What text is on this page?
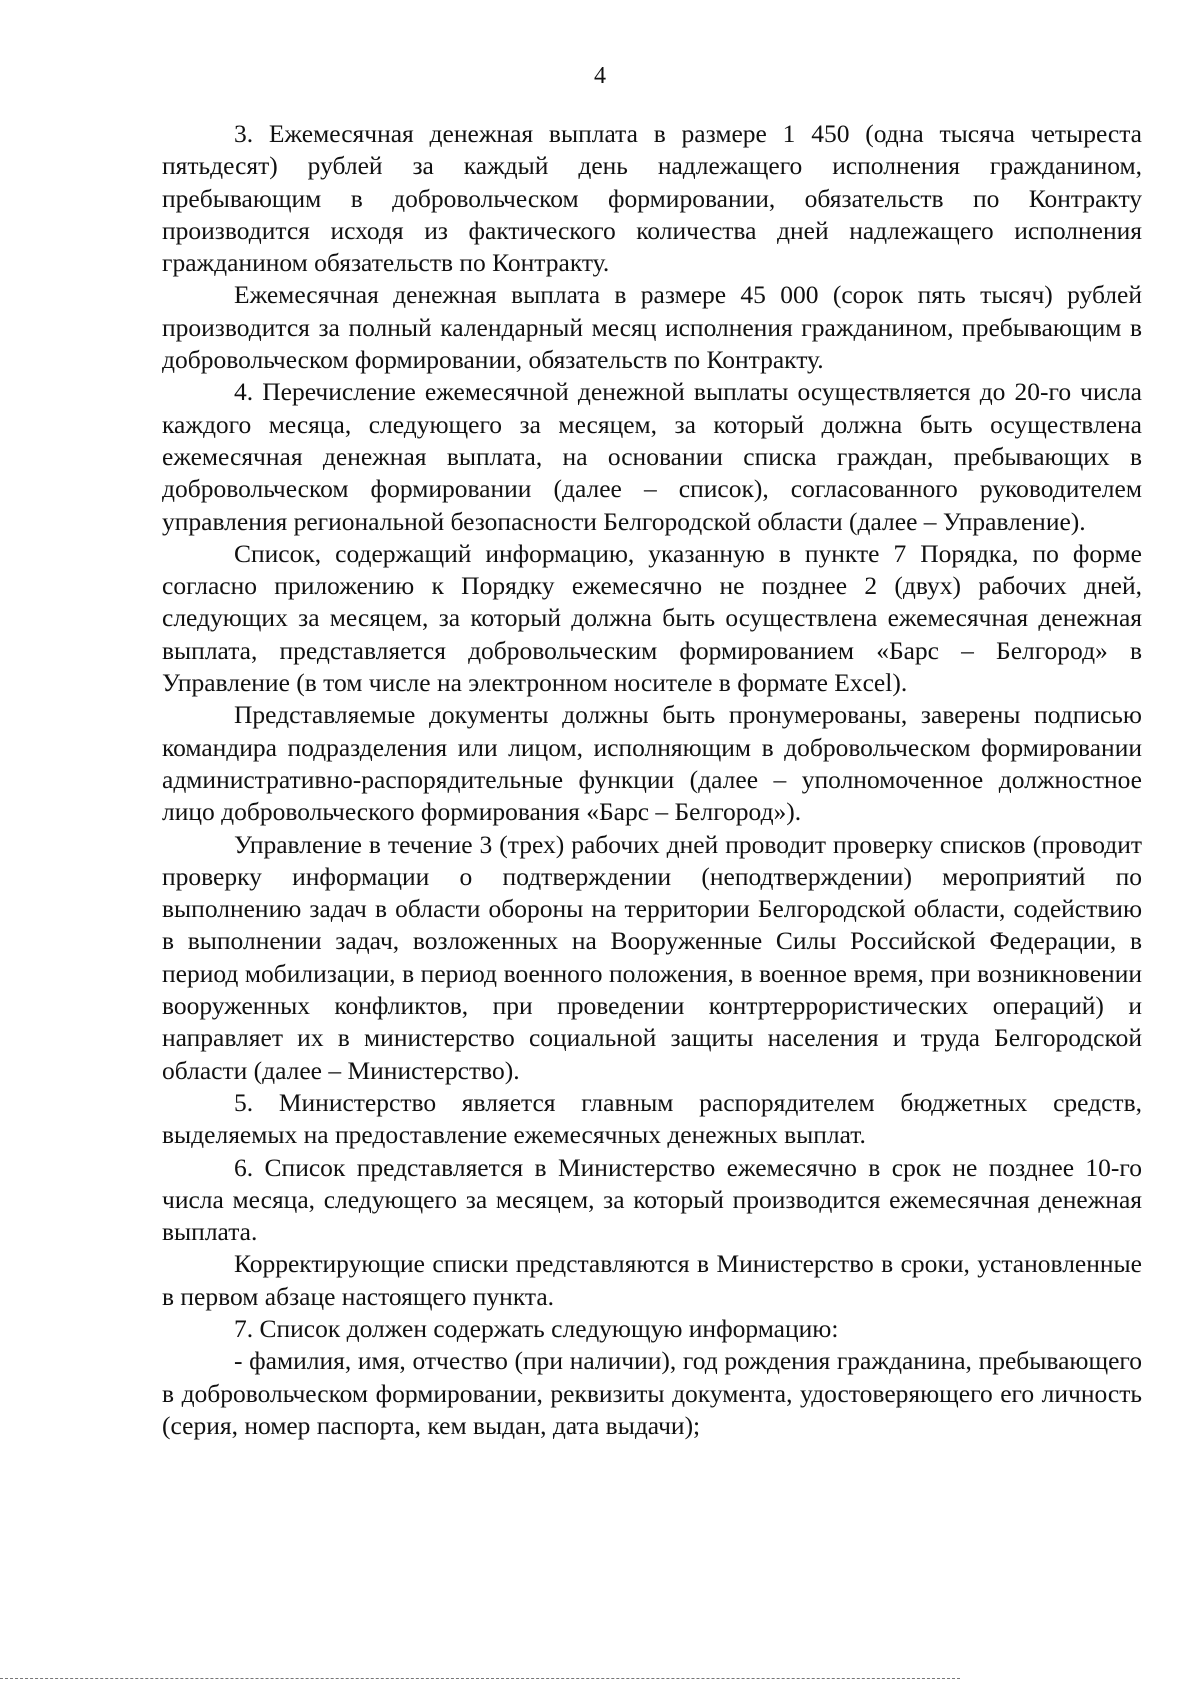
4

3. Ежемесячная денежная выплата в размере 1 450 (одна тысяча четыреста пятьдесят) рублей за каждый день надлежащего исполнения гражданином, пребывающим в добровольческом формировании, обязательств по Контракту производится исходя из фактического количества дней надлежащего исполнения гражданином обязательств по Контракту.

Ежемесячная денежная выплата в размере 45 000 (сорок пять тысяч) рублей производится за полный календарный месяц исполнения гражданином, пребывающим в добровольческом формировании, обязательств по Контракту.

4. Перечисление ежемесячной денежной выплаты осуществляется до 20-го числа каждого месяца, следующего за месяцем, за который должна быть осуществлена ежемесячная денежная выплата, на основании списка граждан, пребывающих в добровольческом формировании (далее – список), согласованного руководителем управления региональной безопасности Белгородской области (далее – Управление).

Список, содержащий информацию, указанную в пункте 7 Порядка, по форме согласно приложению к Порядку ежемесячно не позднее 2 (двух) рабочих дней, следующих за месяцем, за который должна быть осуществлена ежемесячная денежная выплата, представляется добровольческим формированием «Барс – Белгород» в Управление (в том числе на электронном носителе в формате Excel).

Представляемые документы должны быть пронумерованы, заверены подписью командира подразделения или лицом, исполняющим в добровольческом формировании административно-распорядительные функции (далее – уполномоченное должностное лицо добровольческого формирования «Барс – Белгород»).

Управление в течение 3 (трех) рабочих дней проводит проверку списков (проводит проверку информации о подтверждении (неподтверждении) мероприятий по выполнению задач в области обороны на территории Белгородской области, содействию в выполнении задач, возложенных на Вооруженные Силы Российской Федерации, в период мобилизации, в период военного положения, в военное время, при возникновении вооруженных конфликтов, при проведении контртеррористических операций) и направляет их в министерство социальной защиты населения и труда Белгородской области (далее – Министерство).

5. Министерство является главным распорядителем бюджетных средств, выделяемых на предоставление ежемесячных денежных выплат.

6. Список представляется в Министерство ежемесячно в срок не позднее 10-го числа месяца, следующего за месяцем, за который производится ежемесячная денежная выплата.

Корректирующие списки представляются в Министерство в сроки, установленные в первом абзаце настоящего пункта.

7. Список должен содержать следующую информацию:

- фамилия, имя, отчество (при наличии), год рождения гражданина, пребывающего в добровольческом формировании, реквизиты документа, удостоверяющего его личность (серия, номер паспорта, кем выдан, дата выдачи);
